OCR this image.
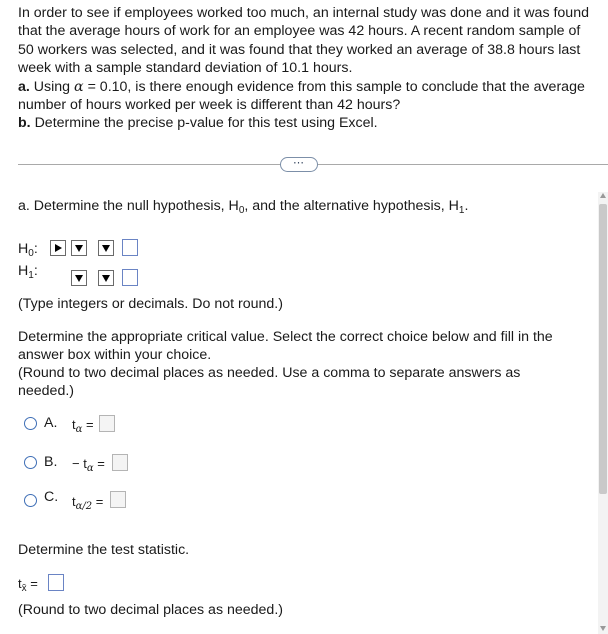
In order to see if employees worked too much, an internal study was done and it was found

that the average hours of work for an employee was 42 hours. A recent random sample of

50 workers was selected, and it was found that they worked an average of 38.8 hours last

week with a sample standard deviation of 10.1 hours.

a. Using α = 0.10, is there enough evidence from this sample to conclude that the average

number of hours worked per week is different than 42 hours?

b. Determine the precise p-value for this test using Excel.

⋯
a. Determine the null hypothesis, $H_0$, and the alternative hypothesis, $H_1$.
$H_0$:
$H_1$:
(Type integers or decimals. Do not round.)
Determine the appropriate critical value. Select the correct choice below and fill in the
answer box within your choice.
(Round to two decimal places as needed. Use a comma to separate answers as
needed.)
A. $t_\alpha$ =
B. − $t_\alpha$ =
C. $t_{\alpha/2}$ =
Determine the test statistic.
$t_{x̄}$ =
(Round to two decimal places as needed.)
